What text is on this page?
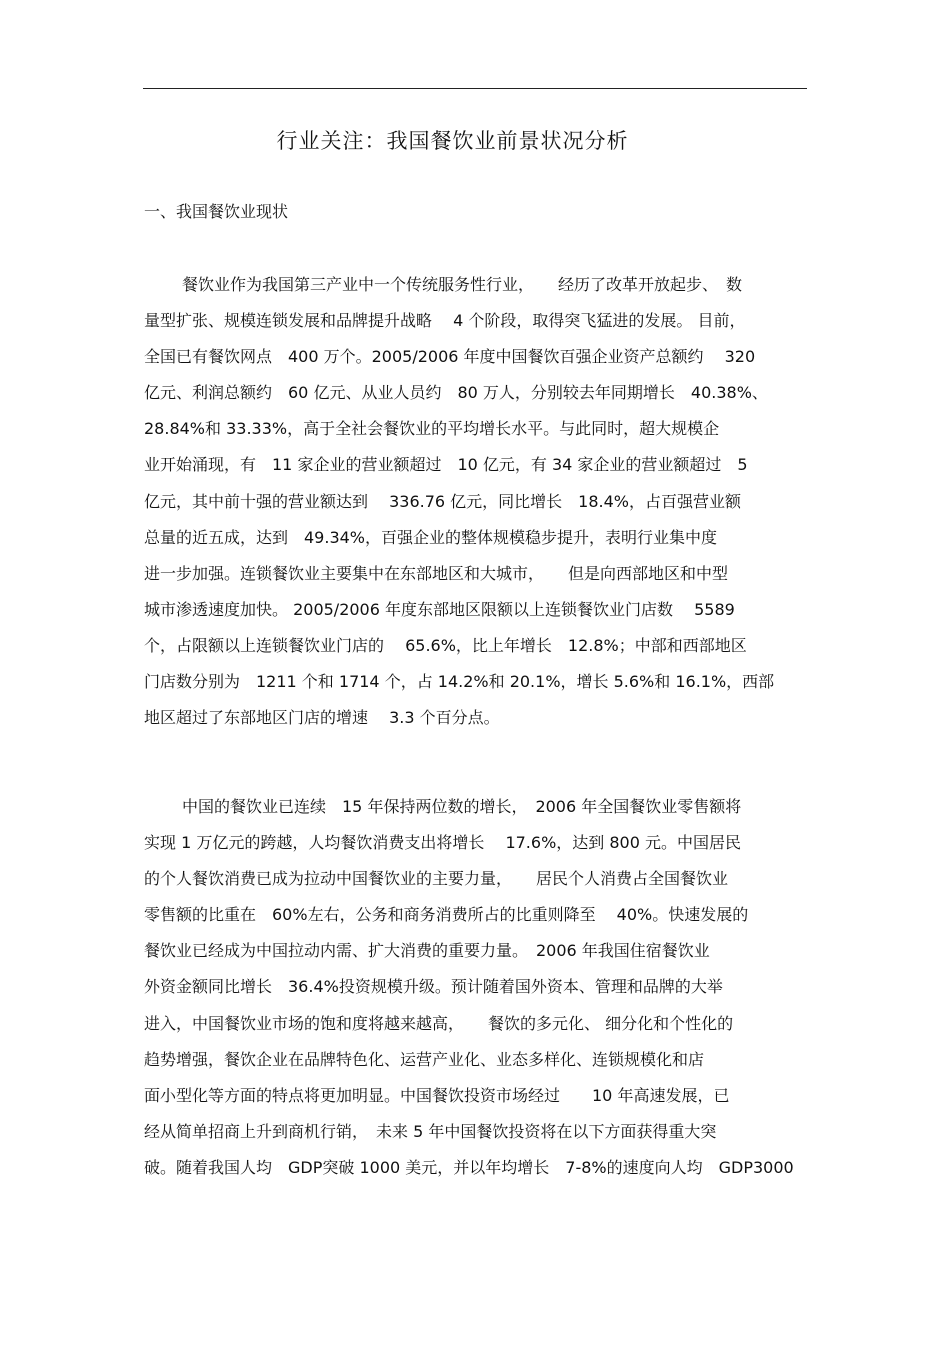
行业关注：我国餐饮业前景状况分析
一、我国餐饮业现状
餐饮业作为我国第三产业中一个传统服务性行业，　　经历了改革开放起步、　数
量型扩张、规模连锁发展和品牌提升战略　 4 个阶段，取得突飞猛进的发展。 目前，
全国已有餐饮网点　400 万个。2005/2006 年度中国餐饮百强企业资产总额约　 320
亿元、利润总额约　60 亿元、从业人员约　80 万人，分别较去年同期增长　40.38%、
28.84%和 33.33%，高于全社会餐饮业的平均增长水平。与此同时，超大规模企
业开始涌现，有　11 家企业的营业额超过　10 亿元，有 34 家企业的营业额超过　5
亿元，其中前十强的营业额达到　 336.76 亿元，同比增长　18.4%，占百强营业额
总量的近五成，达到　49.34%，百强企业的整体规模稳步提升，表明行业集中度
进一步加强。连锁餐饮业主要集中在东部地区和大城市，　　但是向西部地区和中型
城市渗透速度加快。 2005/2006 年度东部地区限额以上连锁餐饮业门店数　 5589
个，占限额以上连锁餐饮业门店的　 65.6%，比上年增长　12.8%；中部和西部地区
门店数分别为　1211 个和 1714 个，占 14.2%和 20.1%，增长 5.6%和 16.1%，西部
地区超过了东部地区门店的增速　 3.3 个百分点。
中国的餐饮业已连续　15 年保持两位数的增长，　2006 年全国餐饮业零售额将
实现 1 万亿元的跨越，人均餐饮消费支出将增长　 17.6%，达到 800 元。中国居民
的个人餐饮消费已成为拉动中国餐饮业的主要力量，　　居民个人消费占全国餐饮业
零售额的比重在　60%左右，公务和商务消费所占的比重则降至　 40%。快速发展的
餐饮业已经成为中国拉动内需、扩大消费的重要力量。　2006 年我国住宿餐饮业
外资金额同比增长　36.4%投资规模升级。预计随着国外资本、管理和品牌的大举
进入，中国餐饮业市场的饱和度将越来越高，　　餐饮的多元化、 细分化和个性化的
趋势增强，餐饮企业在品牌特色化、运营产业化、业态多样化、连锁规模化和店
面小型化等方面的特点将更加明显。中国餐饮投资市场经过　　10 年高速发展，已
经从简单招商上升到商机行销，　未来 5 年中国餐饮投资将在以下方面获得重大突
破。随着我国人均　GDP突破 1000 美元，并以年均增长　7-8%的速度向人均　GDP3000
